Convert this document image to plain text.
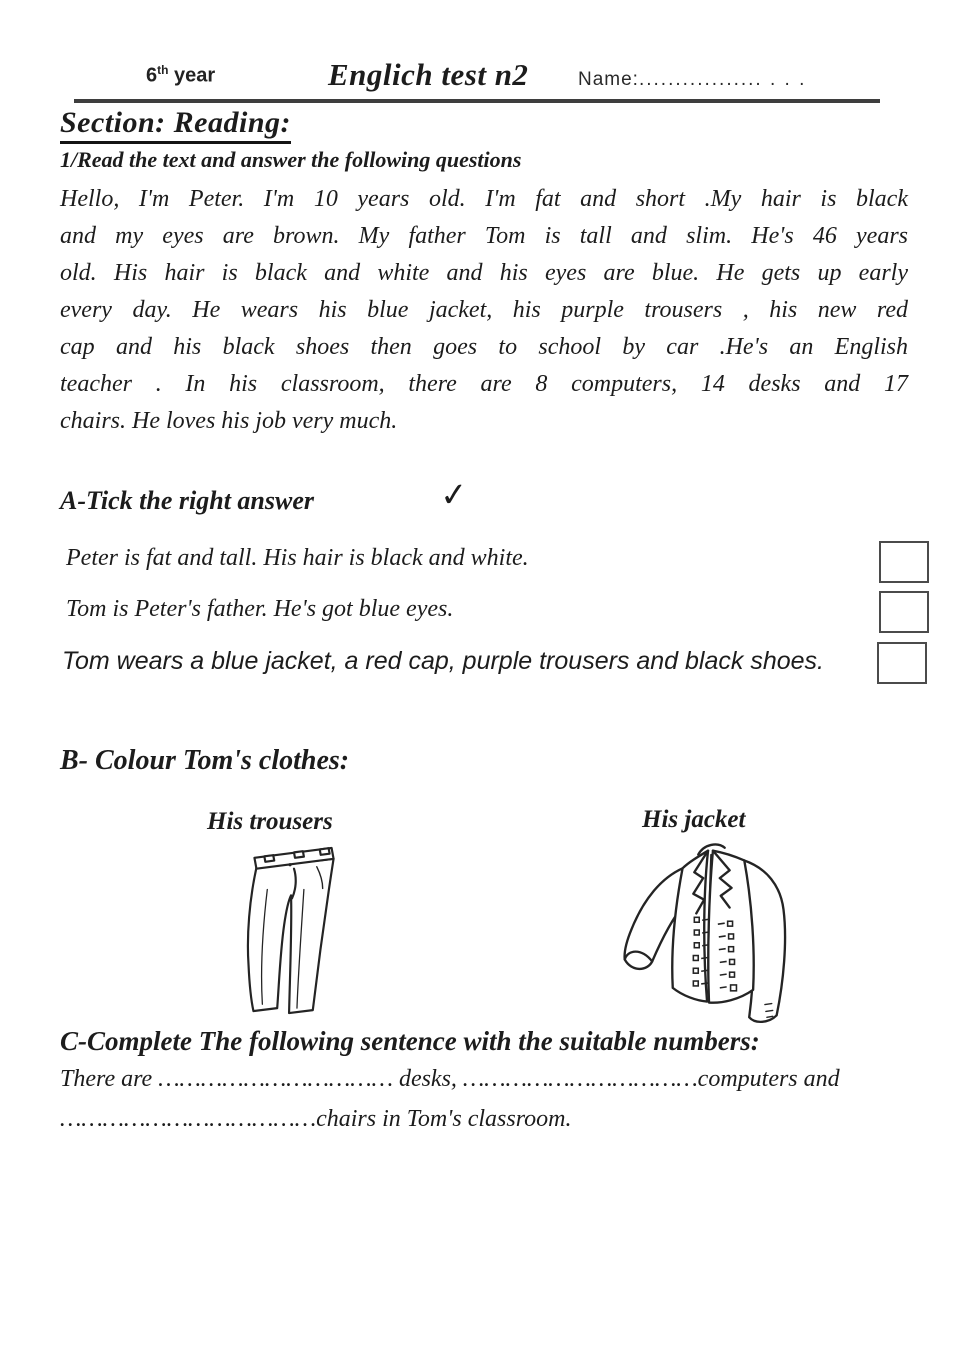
6th year	Englich test n2	Name:................. . . .
Section: Reading:
1/Read the text and answer the following questions
Hello, I'm Peter. I'm 10 years old. I'm fat and short .My hair is black
and my eyes are brown. My father Tom is tall and slim. He's 46 years
old. His hair is black and white and his eyes are blue. He gets up early
every day. He wears his blue jacket, his purple trousers , his new red
cap and his black shoes then goes to school by car .He's an English
teacher . In his classroom, there are 8 computers, 14 desks and 17
chairs. He loves his job very much.
A-Tick the right answer	✓
Peter is fat and tall. His hair is black and white.
Tom is Peter's father. He's got blue eyes.
Tom wears a blue jacket, a red cap, purple trousers and black shoes.
B- Colour Tom's clothes:
His trousers	His jacket
C-Complete The following sentence with the suitable numbers:
There are …………………………… desks, ……………………………computers and
………………………………chairs in Tom's classroom.
